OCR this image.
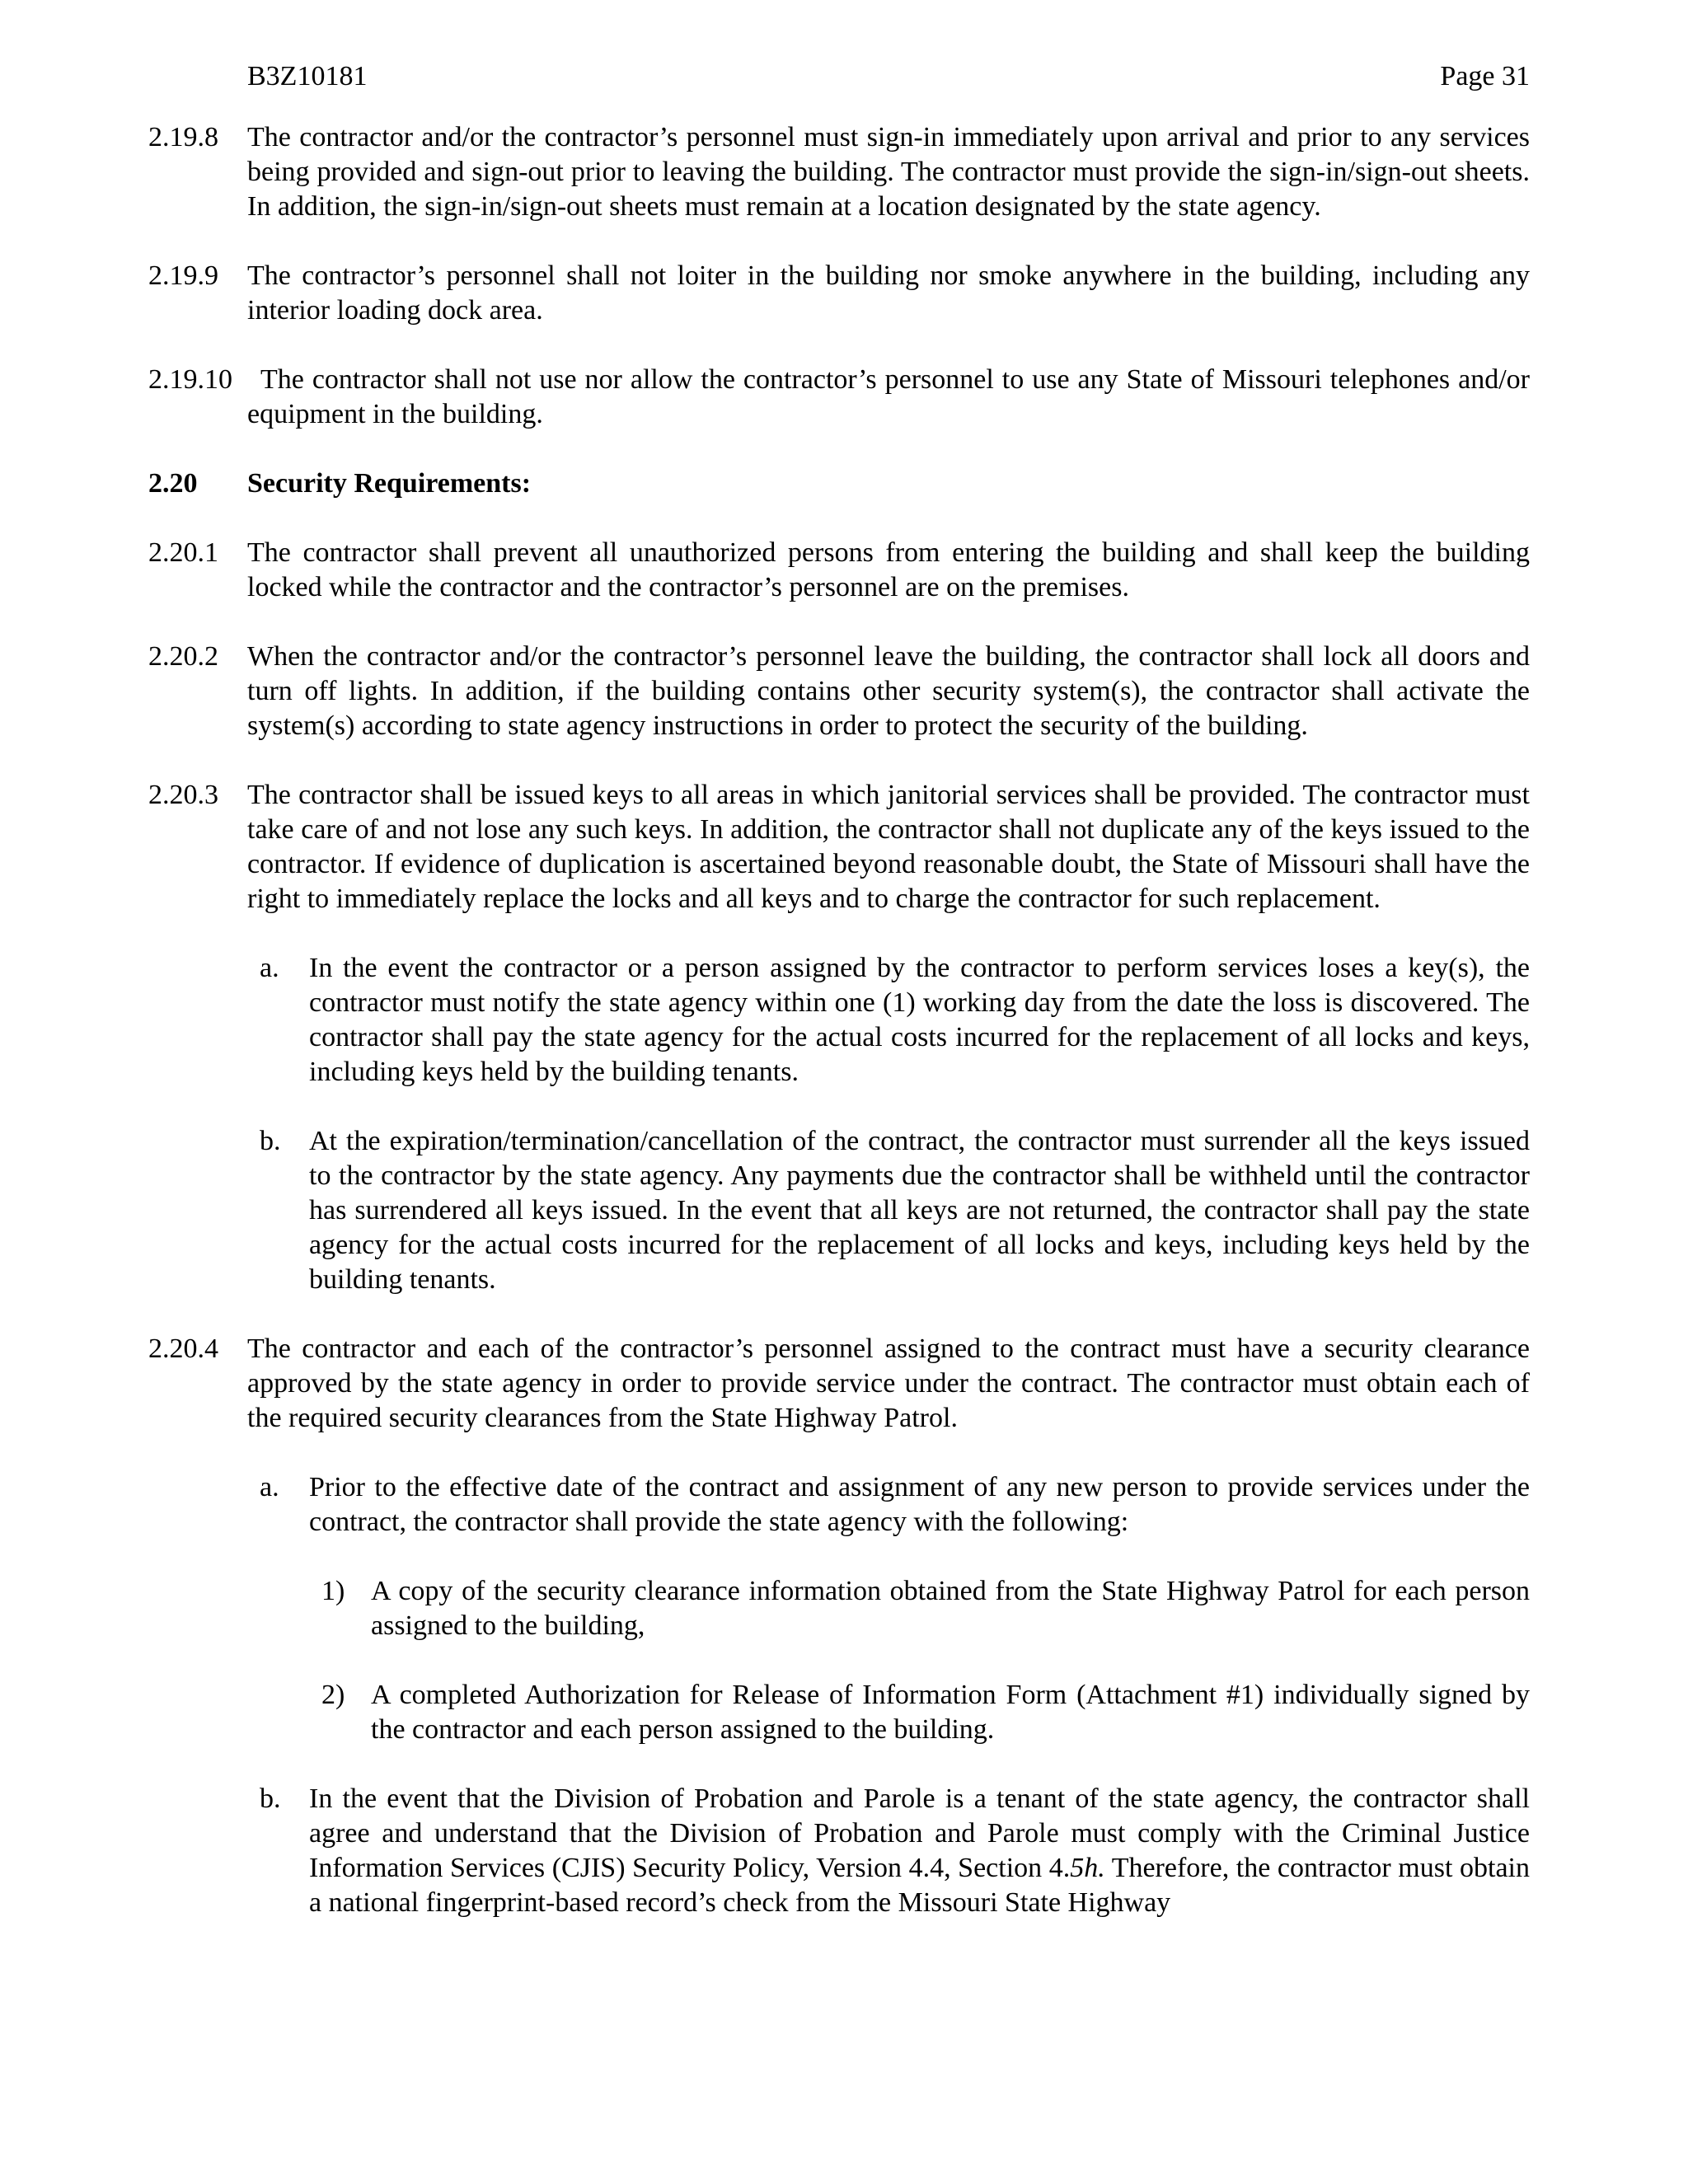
B3Z10181	Page 31
2.19.8 The contractor and/or the contractor’s personnel must sign-in immediately upon arrival and prior to any services being provided and sign-out prior to leaving the building. The contractor must provide the sign-in/sign-out sheets. In addition, the sign-in/sign-out sheets must remain at a location designated by the state agency.
2.19.9 The contractor’s personnel shall not loiter in the building nor smoke anywhere in the building, including any interior loading dock area.
2.19.10	The contractor shall not use nor allow the contractor’s personnel to use any State of Missouri telephones and/or equipment in the building.
2.20 Security Requirements:
2.20.1 The contractor shall prevent all unauthorized persons from entering the building and shall keep the building locked while the contractor and the contractor’s personnel are on the premises.
2.20.2 When the contractor and/or the contractor’s personnel leave the building, the contractor shall lock all doors and turn off lights. In addition, if the building contains other security system(s), the contractor shall activate the system(s) according to state agency instructions in order to protect the security of the building.
2.20.3 The contractor shall be issued keys to all areas in which janitorial services shall be provided. The contractor must take care of and not lose any such keys. In addition, the contractor shall not duplicate any of the keys issued to the contractor. If evidence of duplication is ascertained beyond reasonable doubt, the State of Missouri shall have the right to immediately replace the locks and all keys and to charge the contractor for such replacement.
a. In the event the contractor or a person assigned by the contractor to perform services loses a key(s), the contractor must notify the state agency within one (1) working day from the date the loss is discovered. The contractor shall pay the state agency for the actual costs incurred for the replacement of all locks and keys, including keys held by the building tenants.
b. At the expiration/termination/cancellation of the contract, the contractor must surrender all the keys issued to the contractor by the state agency. Any payments due the contractor shall be withheld until the contractor has surrendered all keys issued. In the event that all keys are not returned, the contractor shall pay the state agency for the actual costs incurred for the replacement of all locks and keys, including keys held by the building tenants.
2.20.4 The contractor and each of the contractor’s personnel assigned to the contract must have a security clearance approved by the state agency in order to provide service under the contract. The contractor must obtain each of the required security clearances from the State Highway Patrol.
a. Prior to the effective date of the contract and assignment of any new person to provide services under the contract, the contractor shall provide the state agency with the following:
1) A copy of the security clearance information obtained from the State Highway Patrol for each person assigned to the building,
2) A completed Authorization for Release of Information Form (Attachment #1) individually signed by the contractor and each person assigned to the building.
b. In the event that the Division of Probation and Parole is a tenant of the state agency, the contractor shall agree and understand that the Division of Probation and Parole must comply with the Criminal Justice Information Services (CJIS) Security Policy, Version 4.4, Section 4.5h. Therefore, the contractor must obtain a national fingerprint-based record’s check from the Missouri State Highway
